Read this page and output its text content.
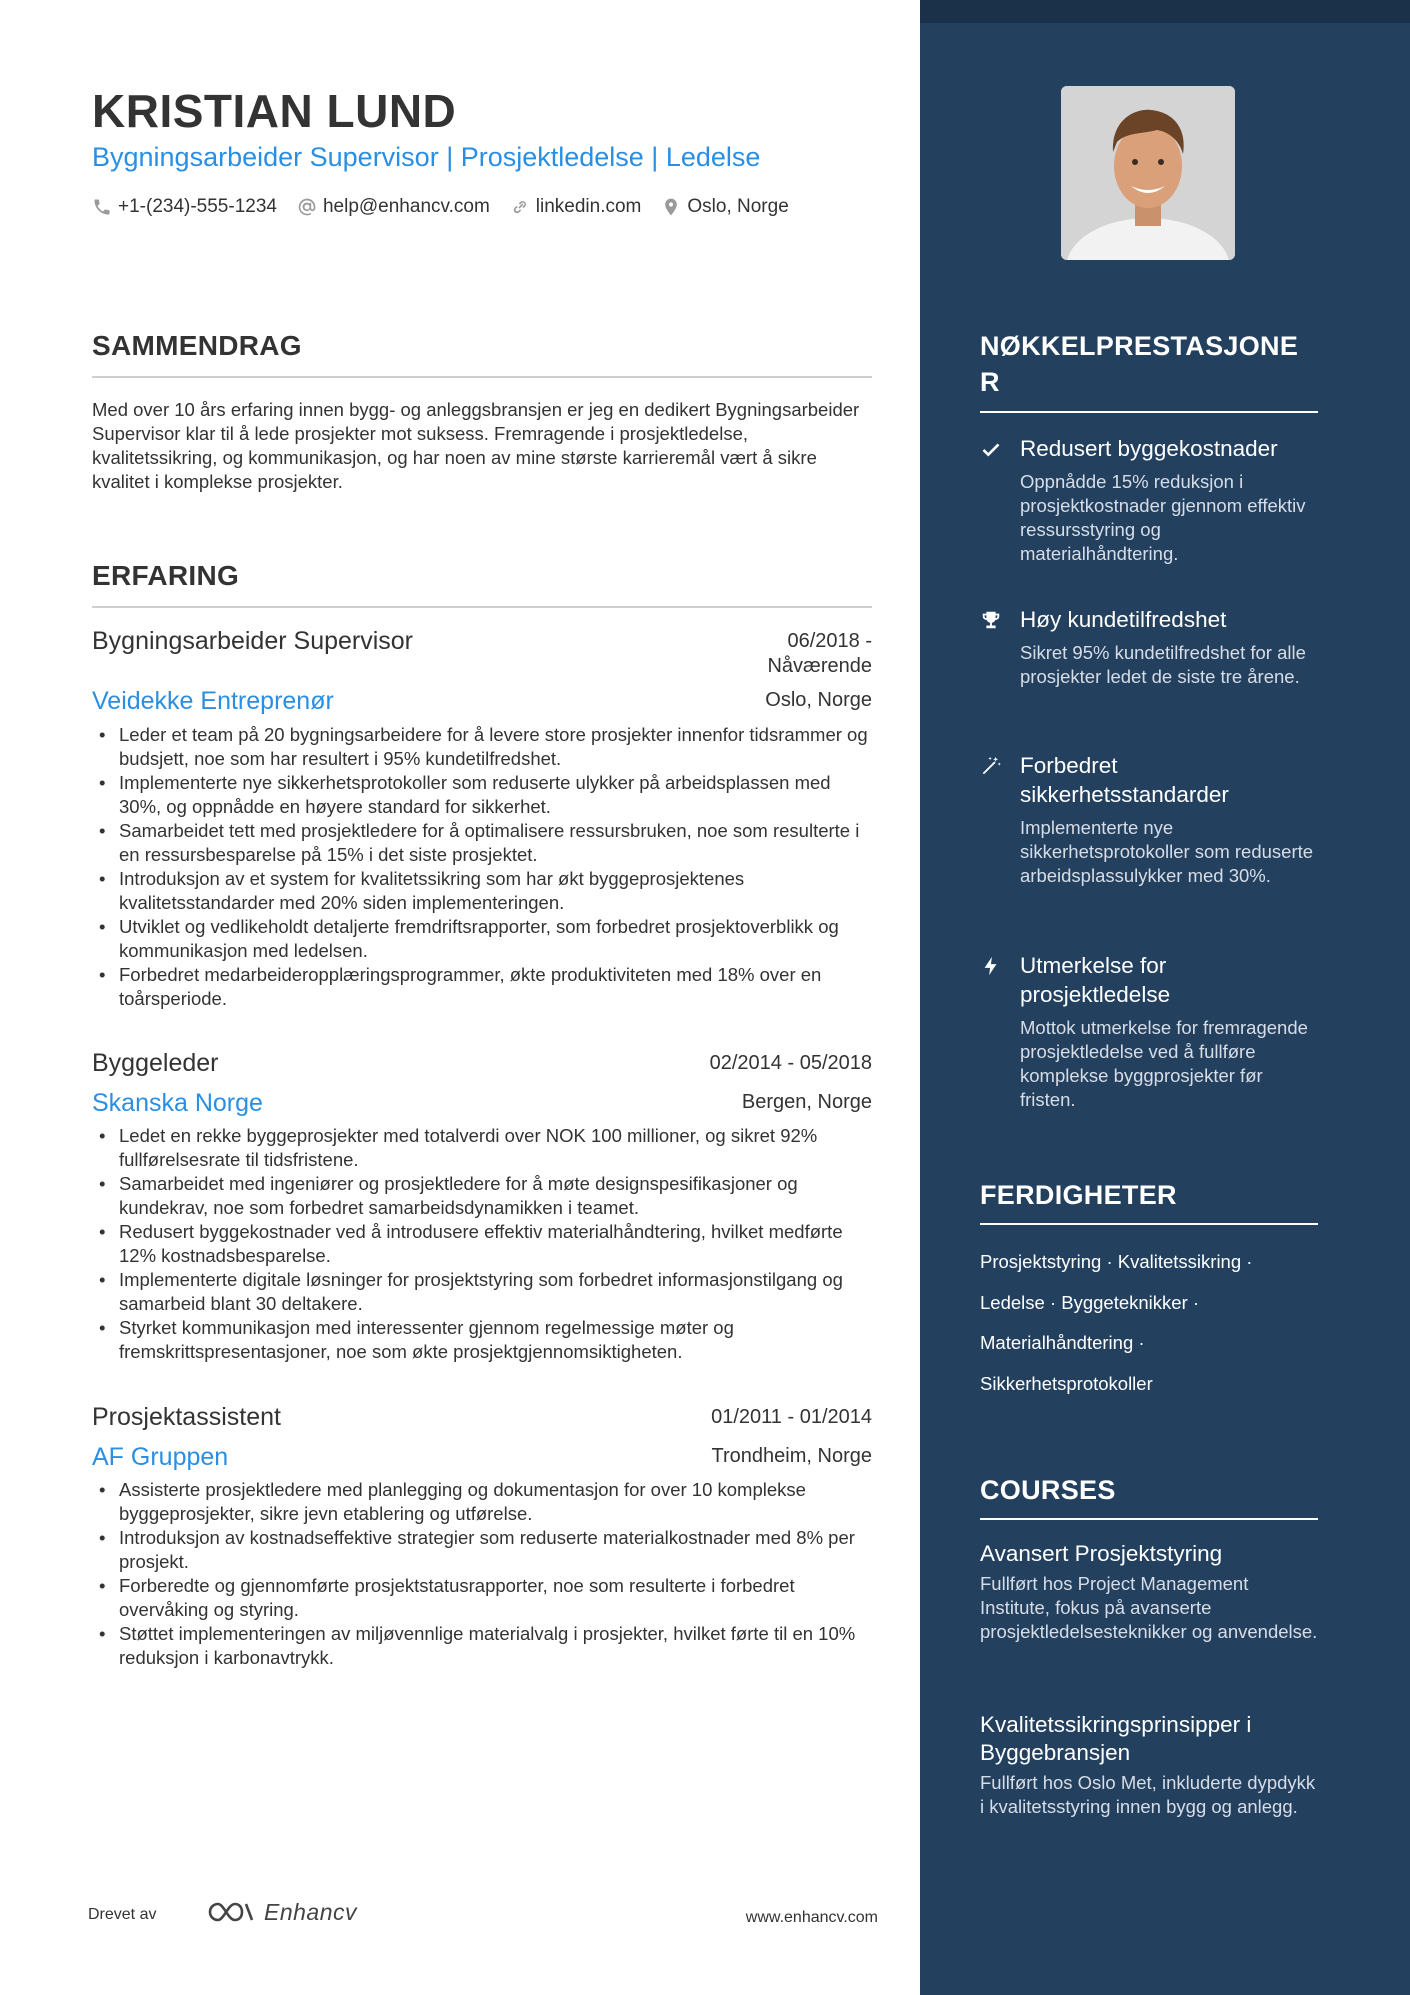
KRISTIAN LUND
Bygningsarbeider Supervisor | Prosjektledelse | Ledelse
+1-(234)-555-1234 help@enhancv.com linkedin.com Oslo, Norge
SAMMENDRAG

Med over 10 års erfaring innen bygg- og anleggsbransjen er jeg en dedikert Bygningsarbeider Supervisor klar til å lede prosjekter mot suksess. Fremragende i prosjektledelse, kvalitetssikring, og kommunikasjon, og har noen av mine største karrieremål vært å sikre kvalitet i komplekse prosjekter.

ERFARING
Bygningsarbeider Supervisor	06/2018 -
Nåværende
Veidekke Entreprenør	Oslo, Norge
• Leder et team på 20 bygningsarbeidere for å levere store prosjekter innenfor tidsrammer og budsjett, noe som har resultert i 95% kundetilfredshet.
• Implementerte nye sikkerhetsprotokoller som reduserte ulykker på arbeidsplassen med 30%, og oppnådde en høyere standard for sikkerhet.
• Samarbeidet tett med prosjektledere for å optimalisere ressursbruken, noe som resulterte i en ressursbesparelse på 15% i det siste prosjektet.
• Introduksjon av et system for kvalitetssikring som har økt byggeprosjektenes kvalitetsstandarder med 20% siden implementeringen.
• Utviklet og vedlikeholdt detaljerte fremdriftsrapporter, som forbedret prosjektoverblikk og kommunikasjon med ledelsen.
• Forbedret medarbeideropplæringsprogrammer, økte produktiviteten med 18% over en toårsperiode.
Byggeleder	02/2014 - 05/2018
Skanska Norge	Bergen, Norge
• Ledet en rekke byggeprosjekter med totalverdi over NOK 100 millioner, og sikret 92% fullførelsesrate til tidsfristene.
• Samarbeidet med ingeniører og prosjektledere for å møte designspesifikasjoner og kundekrav, noe som forbedret samarbeidsdynamikken i teamet.
• Redusert byggekostnader ved å introdusere effektiv materialhåndtering, hvilket medførte 12% kostnadsbesparelse.
• Implementerte digitale løsninger for prosjektstyring som forbedret informasjonstilgang og samarbeid blant 30 deltakere.
• Styrket kommunikasjon med interessenter gjennom regelmessige møter og fremskrittspresentasjoner, noe som økte prosjektgjennomsiktigheten.
Prosjektassistent	01/2011 - 01/2014
AF Gruppen	Trondheim, Norge
• Assisterte prosjektledere med planlegging og dokumentasjon for over 10 komplekse byggeprosjekter, sikre jevn etablering og utførelse.
• Introduksjon av kostnadseffektive strategier som reduserte materialkostnader med 8% per prosjekt.
• Forberedte og gjennomførte prosjektstatusrapporter, noe som resulterte i forbedret overvåking og styring.
• Støttet implementeringen av miljøvennlige materialvalg i prosjekter, hvilket førte til en 10% reduksjon i karbonavtrykk.
NØKKELPRESTASJONE
R
Redusert byggekostnader
Oppnådde 15% reduksjon i prosjektkostnader gjennom effektiv ressursstyring og materialhåndtering.
Høy kundetilfredshet
Sikret 95% kundetilfredshet for alle prosjekter ledet de siste tre årene.
Forbedret sikkerhetsstandarder
Implementerte nye sikkerhetsprotokoller som reduserte arbeidsplassulykker med 30%.
Utmerkelse for prosjektledelse
Mottok utmerkelse for fremragende prosjektledelse ved å fullføre komplekse byggprosjekter før fristen.
FERDIGHETER
Prosjektstyring · Kvalitetssikring ·
Ledelse · Byggeteknikker ·
Materialhåndtering ·
Sikkerhetsprotokoller
COURSES
Avansert Prosjektstyring
Fullført hos Project Management Institute, fokus på avanserte prosjektledelsesteknikker og anvendelse.
Kvalitetssikringsprinsipper i Byggebransjen
Fullført hos Oslo Met, inkluderte dypdykk i kvalitetsstyring innen bygg og anlegg.
Drevet av	Enhancv	www.enhancv.com
